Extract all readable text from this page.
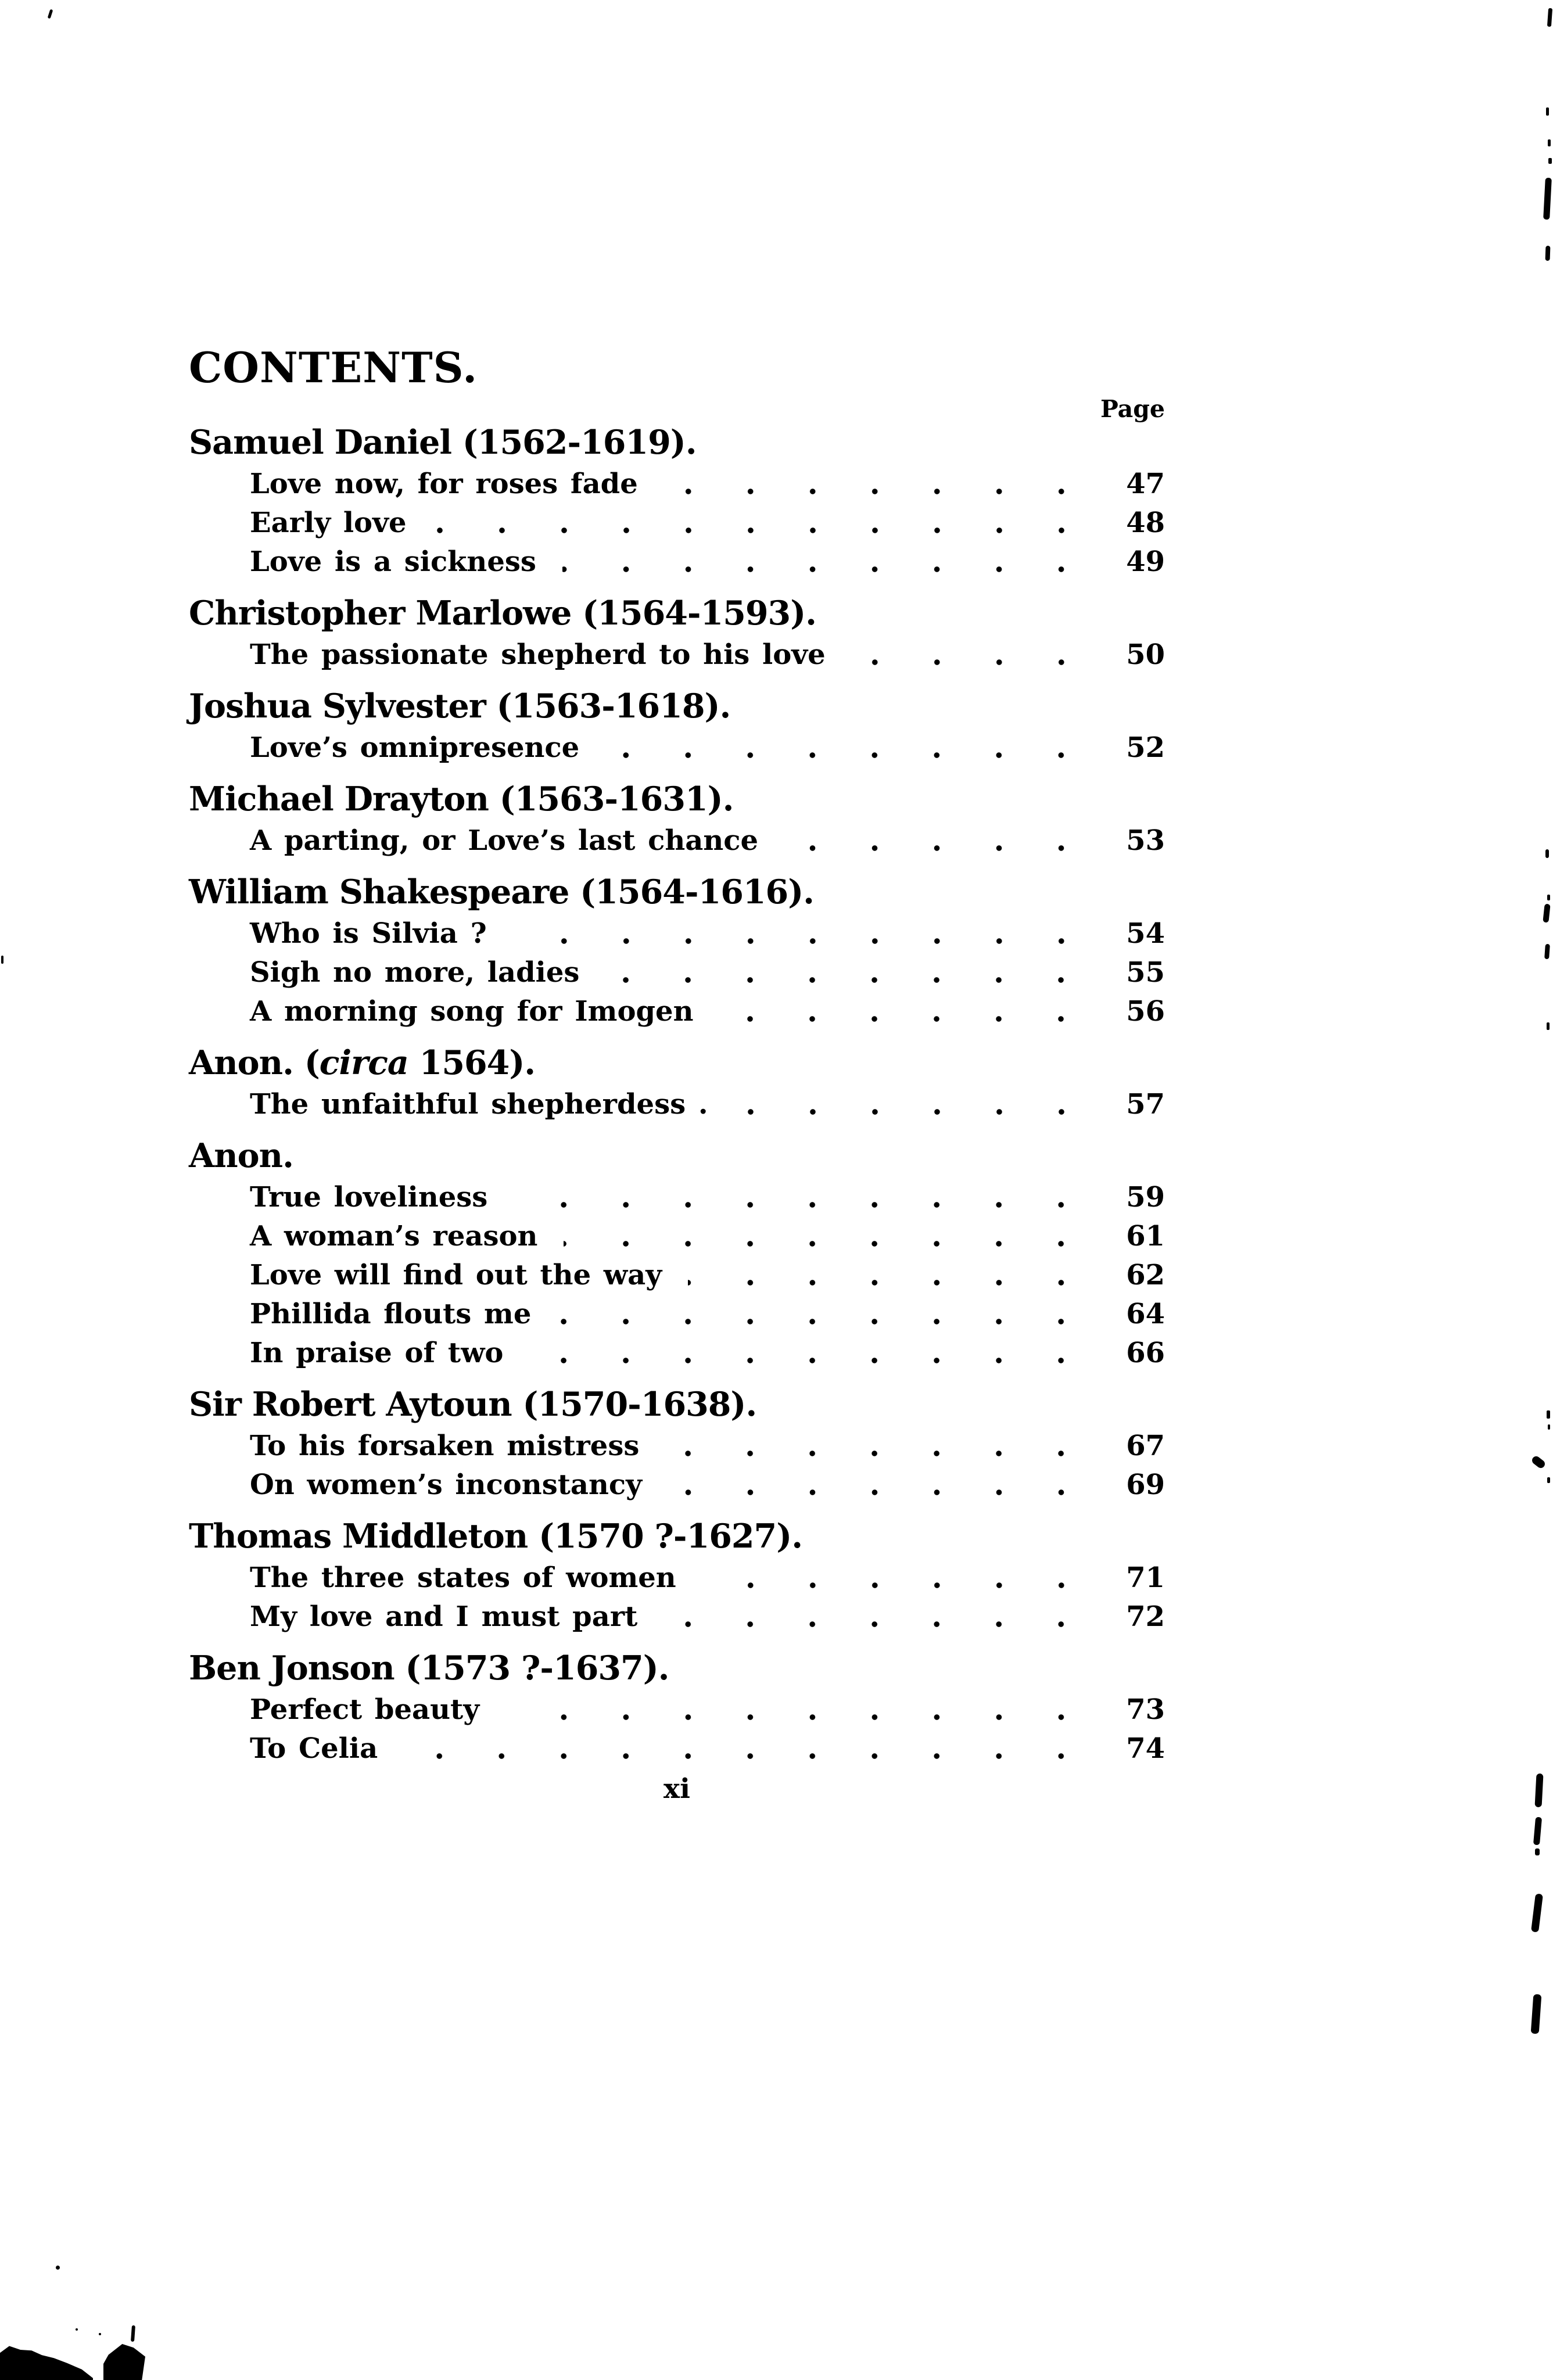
CONTENTS.
Page
Samuel Daniel (1562-1619).
Love now, for roses fade	47
Early love	48
Love is a sickness	49
Christopher Marlowe (1564-1593).
The passionate shepherd to his love	50
Joshua Sylvester (1563-1618).
Love’s omnipresence	52
Michael Drayton (1563-1631).
A parting, or Love’s last chance	53
William Shakespeare (1564-1616).
Who is Silvia ?	54
Sigh no more, ladies	55
A morning song for Imogen	56
Anon. (circa 1564).
The unfaithful shepherdess .	57
Anon.
True loveliness	59
A woman’s reason	61
Love will find out the way	62
Phillida flouts me	64
In praise of two	66
Sir Robert Aytoun (1570-1638).
To his forsaken mistress	67
On women’s inconstancy	69
Thomas Middleton (1570 ?-1627).
The three states of women	71
My love and I must part	72
Ben Jonson (1573 ?-1637).
Perfect beauty	73
To Celia	74
xi
